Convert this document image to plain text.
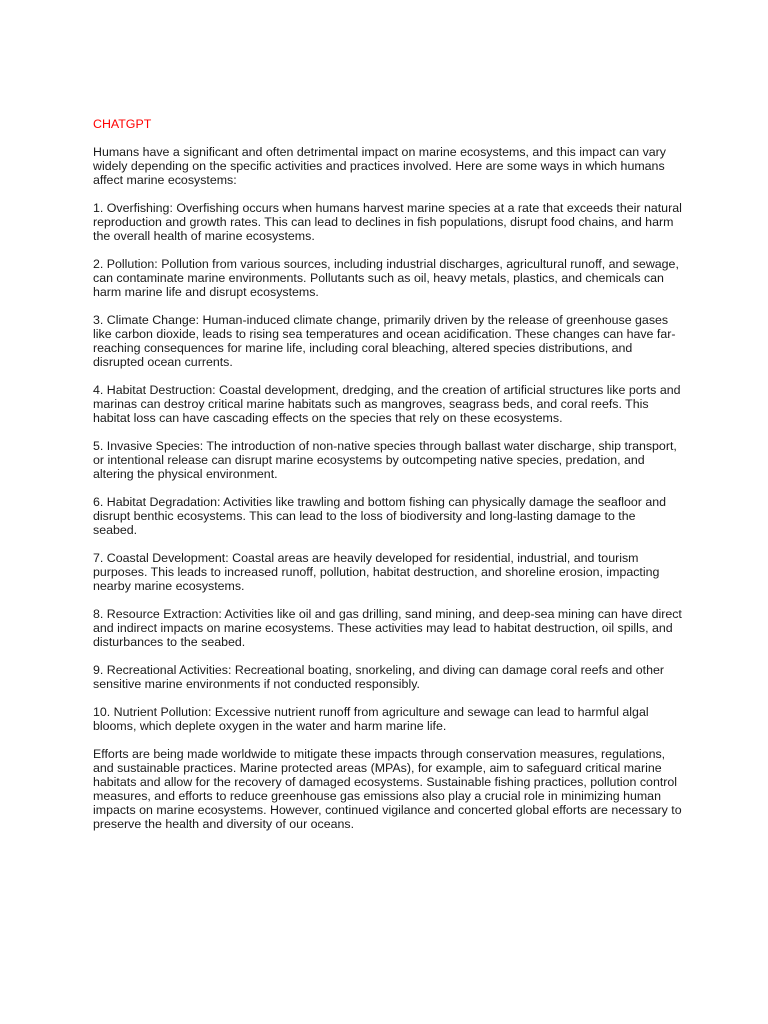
CHATGPT

Humans have a significant and often detrimental impact on marine ecosystems, and this impact can vary widely depending on the specific activities and practices involved. Here are some ways in which humans affect marine ecosystems:

1. Overfishing: Overfishing occurs when humans harvest marine species at a rate that exceeds their natural reproduction and growth rates. This can lead to declines in fish populations, disrupt food chains, and harm the overall health of marine ecosystems.

2. Pollution: Pollution from various sources, including industrial discharges, agricultural runoff, and sewage, can contaminate marine environments. Pollutants such as oil, heavy metals, plastics, and chemicals can harm marine life and disrupt ecosystems.

3. Climate Change: Human-induced climate change, primarily driven by the release of greenhouse gases like carbon dioxide, leads to rising sea temperatures and ocean acidification. These changes can have far-reaching consequences for marine life, including coral bleaching, altered species distributions, and disrupted ocean currents.

4. Habitat Destruction: Coastal development, dredging, and the creation of artificial structures like ports and marinas can destroy critical marine habitats such as mangroves, seagrass beds, and coral reefs. This habitat loss can have cascading effects on the species that rely on these ecosystems.

5. Invasive Species: The introduction of non-native species through ballast water discharge, ship transport, or intentional release can disrupt marine ecosystems by outcompeting native species, predation, and altering the physical environment.

6. Habitat Degradation: Activities like trawling and bottom fishing can physically damage the seafloor and disrupt benthic ecosystems. This can lead to the loss of biodiversity and long-lasting damage to the seabed.

7. Coastal Development: Coastal areas are heavily developed for residential, industrial, and tourism purposes. This leads to increased runoff, pollution, habitat destruction, and shoreline erosion, impacting nearby marine ecosystems.

8. Resource Extraction: Activities like oil and gas drilling, sand mining, and deep-sea mining can have direct and indirect impacts on marine ecosystems. These activities may lead to habitat destruction, oil spills, and disturbances to the seabed.

9. Recreational Activities: Recreational boating, snorkeling, and diving can damage coral reefs and other sensitive marine environments if not conducted responsibly.

10. Nutrient Pollution: Excessive nutrient runoff from agriculture and sewage can lead to harmful algal blooms, which deplete oxygen in the water and harm marine life.

Efforts are being made worldwide to mitigate these impacts through conservation measures, regulations, and sustainable practices. Marine protected areas (MPAs), for example, aim to safeguard critical marine habitats and allow for the recovery of damaged ecosystems. Sustainable fishing practices, pollution control measures, and efforts to reduce greenhouse gas emissions also play a crucial role in minimizing human impacts on marine ecosystems. However, continued vigilance and concerted global efforts are necessary to preserve the health and diversity of our oceans.
